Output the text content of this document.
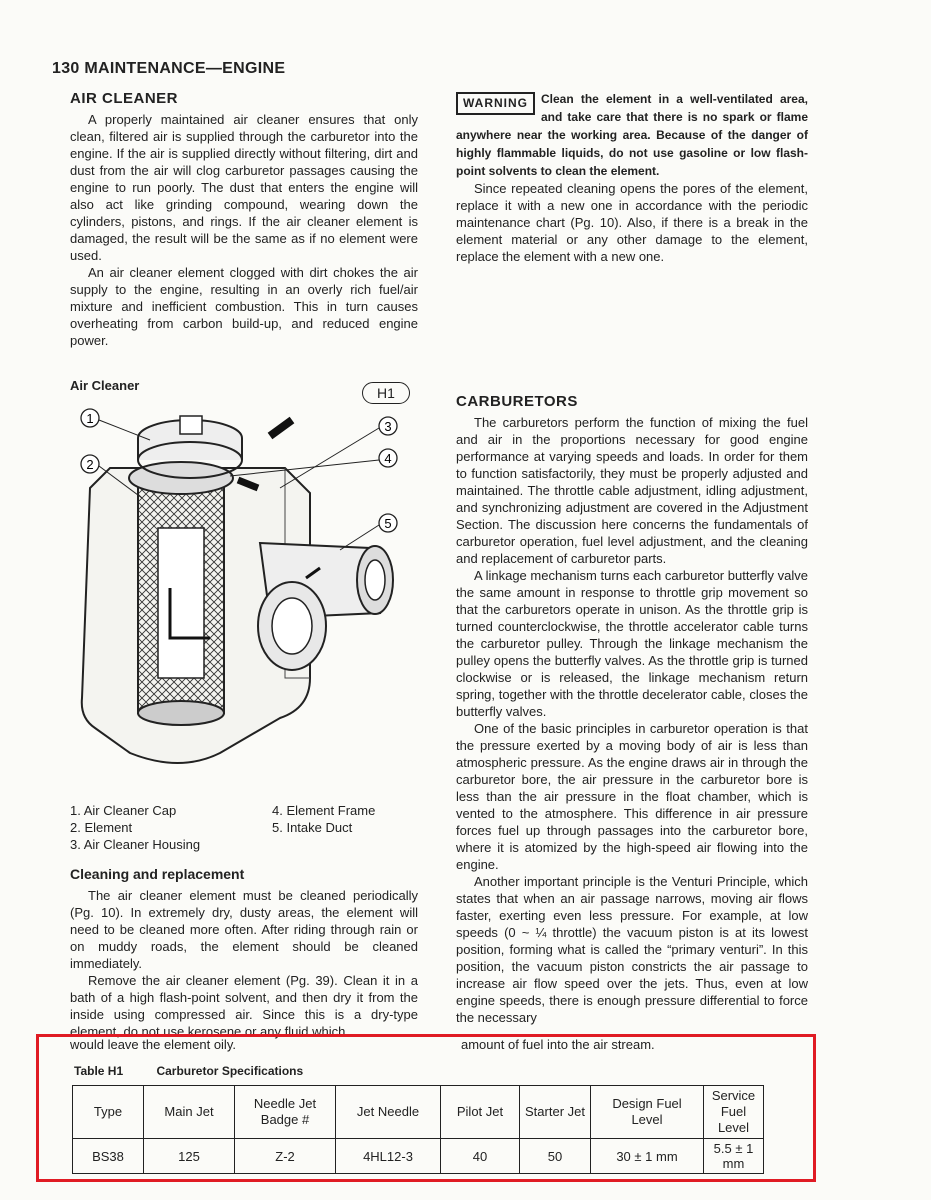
130 MAINTENANCE—ENGINE
AIR CLEANER

A properly maintained air cleaner ensures that only clean, filtered air is supplied through the carburetor into the engine. If the air is supplied directly without filtering, dirt and dust from the air will clog carburetor passages causing the engine to run poorly. The dust that enters the engine will also act like grinding compound, wearing down the cylinders, pistons, and rings. If the air cleaner element is damaged, the result will be the same as if no element were used.

An air cleaner element clogged with dirt chokes the air supply to the engine, resulting in an overly rich fuel/air mixture and inefficient combustion. This in turn causes overheating from carbon build-up, and reduced engine power.

WARNING	Clean the element in a well-ventilated area, and take care that there is no spark or flame anywhere near the working area. Because of the danger of highly flammable liquids, do not use gasoline or low flash-point solvents to clean the element.

Since repeated cleaning opens the pores of the element, replace it with a new one in accordance with the periodic maintenance chart (Pg. 10). Also, if there is a break in the element material or any other damage to the element, replace the element with a new one.

CARBURETORS

The carburetors perform the function of mixing the fuel and air in the proportions necessary for good engine performance at varying speeds and loads. In order for them to function satisfactorily, they must be properly adjusted and maintained. The throttle cable adjustment, idling adjustment, and synchronizing adjustment are covered in the Adjustment Section. The discussion here concerns the fundamentals of carburetor operation, fuel level adjustment, and the cleaning and replacement of carburetor parts.

A linkage mechanism turns each carburetor butterfly valve the same amount in response to throttle grip movement so that the carburetors operate in unison. As the throttle grip is turned counterclockwise, the throttle accelerator cable turns the carburetor pulley. Through the linkage mechanism the pulley opens the butterfly valves. As the throttle grip is turned clockwise or is released, the linkage mechanism return spring, together with the throttle decelerator cable, closes the butterfly valves.

One of the basic principles in carburetor operation is that the pressure exerted by a moving body of air is less than atmospheric pressure. As the engine draws air in through the carburetor bore, the air pressure in the carburetor bore is less than the air pressure in the float chamber, which is vented to the atmosphere. This difference in air pressure forces fuel up through passages into the carburetor bore, where it is atomized by the high-speed air flowing into the engine.

Another important principle is the Venturi Principle, which states that when an air passage narrows, moving air flows faster, exerting even less pressure. For example, at low speeds (0 ~ ¼ throttle) the vacuum piston is at its lowest position, forming what is called the “primary venturi”. In this position, the vacuum piston constricts the air passage to increase air flow speed over the jets. Thus, even at low engine speeds, there is enough pressure differential to force the necessary

Air Cleaner	H1
1
2
3
4
5
1. Air Cleaner Cap
2. Element
3. Air Cleaner Housing
4. Element Frame
5. Intake Duct
Cleaning and replacement

The air cleaner element must be cleaned periodically (Pg. 10). In extremely dry, dusty areas, the element will need to be cleaned more often. After riding through rain or on muddy roads, the element should be cleaned immediately.

Remove the air cleaner element (Pg. 39). Clean it in a bath of a high flash-point solvent, and then dry it from the inside using compressed air. Since this is a dry-type element, do not use kerosene or any fluid which

would leave the element oily.	amount of fuel into the air stream.
Table H1	Carburetor Specifications
Type	Main Jet	Needle Jet Badge #	Jet Needle	Pilot Jet	Starter Jet	Design Fuel Level	Service Fuel Level
BS38	125	Z-2	4HL12-3	40	50	30 ± 1 mm	5.5 ± 1 mm
